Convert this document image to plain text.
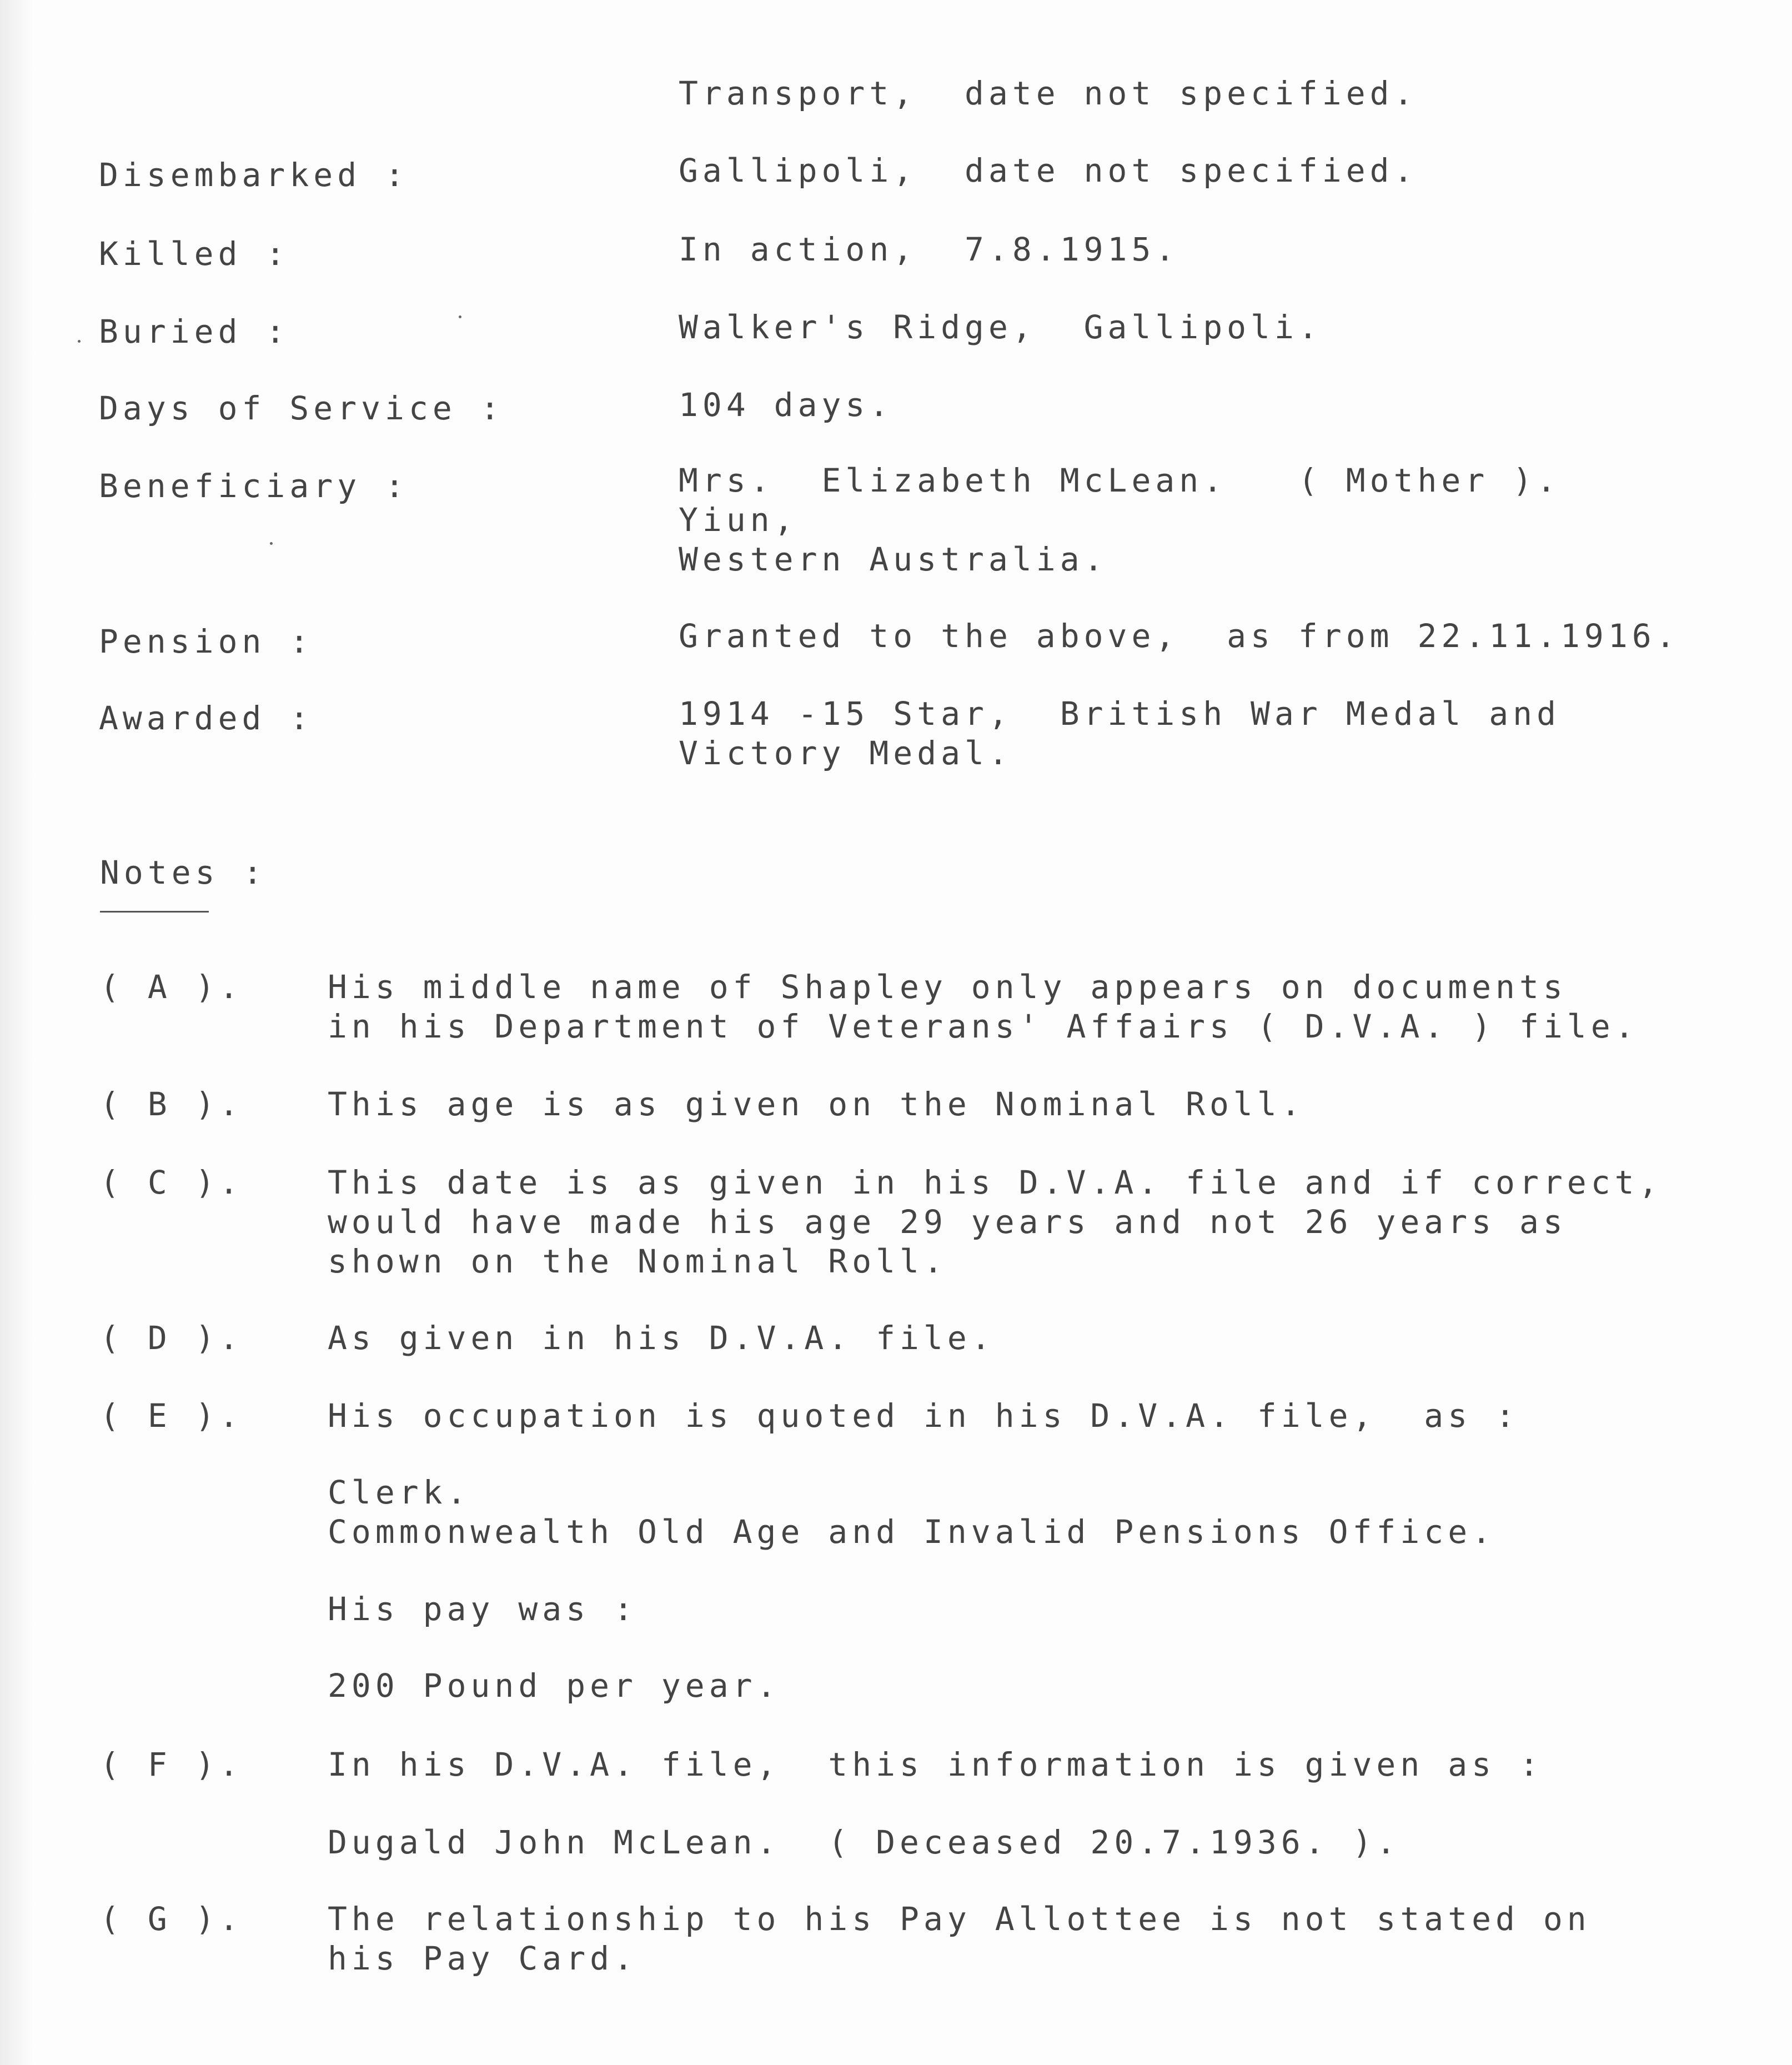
Transport,  date not specified.
Disembarked :	Gallipoli,  date not specified.
Killed :	In action,  7.8.1915.
Buried :	Walker's Ridge,  Gallipoli.
Days of Service :	104 days.
Beneficiary :	Mrs.  Elizabeth McLean.   ( Mother ).
Yiun,
Western Australia.
Pension :	Granted to the above,  as from 22.11.1916.
Awarded :	1914 -15 Star,  British War Medal and
Victory Medal.
Notes :
( A ).	His middle name of Shapley only appears on documents
in his Department of Veterans' Affairs ( D.V.A. ) file.
( B ).	This age is as given on the Nominal Roll.
( C ).	This date is as given in his D.V.A. file and if correct,
would have made his age 29 years and not 26 years as
shown on the Nominal Roll.
( D ).	As given in his D.V.A. file.
( E ).	His occupation is quoted in his D.V.A. file,  as :
Clerk.
Commonwealth Old Age and Invalid Pensions Office.
His pay was :
200 Pound per year.
( F ).	In his D.V.A. file,  this information is given as :
Dugald John McLean.  ( Deceased 20.7.1936. ).
( G ).	The relationship to his Pay Allottee is not stated on
his Pay Card.
